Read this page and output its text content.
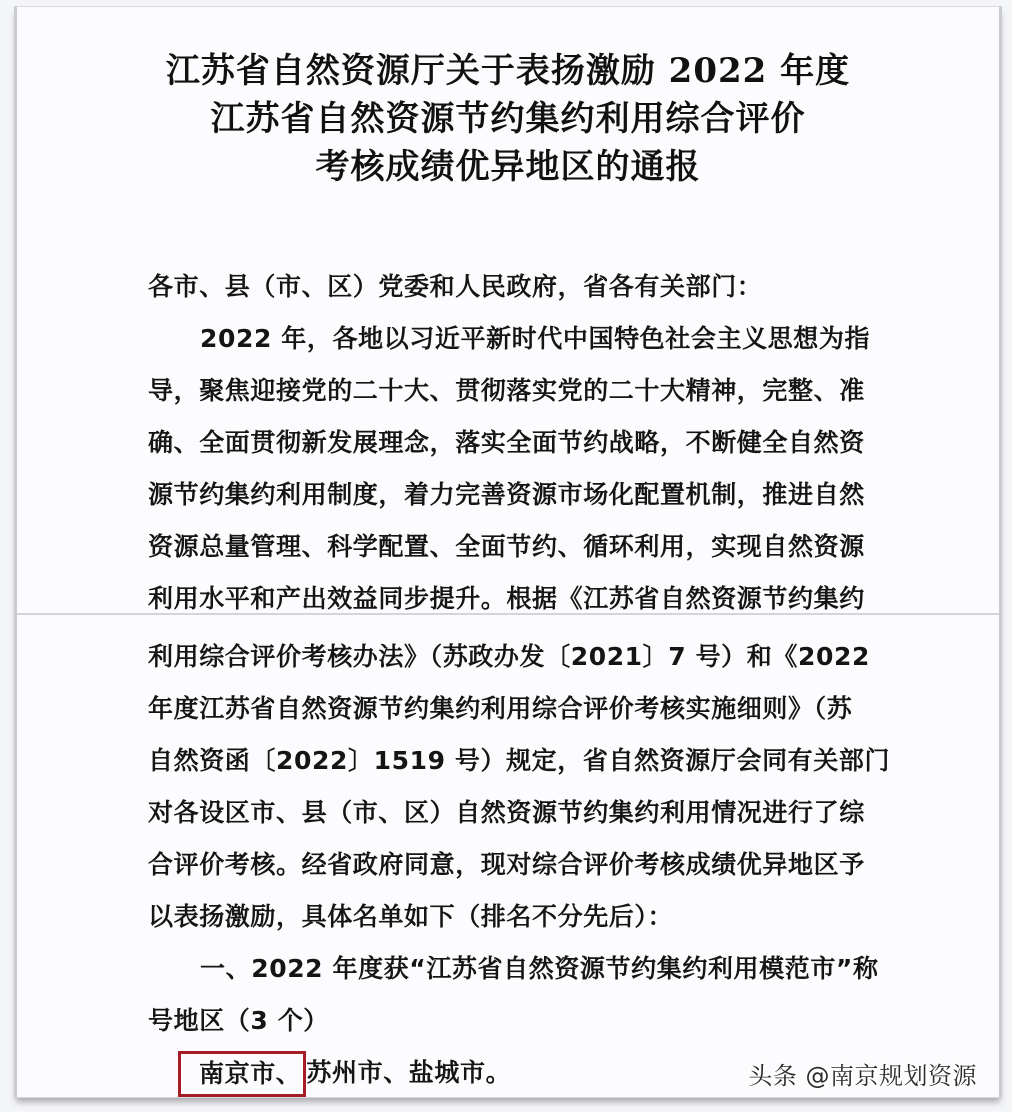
江苏省自然资源厅关于表扬激励 2022 年度
江苏省自然资源节约集约利用综合评价
考核成绩优异地区的通报
各市、县（市、区）党委和人民政府，省各有关部门：
2022 年，各地以习近平新时代中国特色社会主义思想为指
导，聚焦迎接党的二十大、贯彻落实党的二十大精神，完整、准
确、全面贯彻新发展理念，落实全面节约战略，不断健全自然资
源节约集约利用制度，着力完善资源市场化配置机制，推进自然
资源总量管理、科学配置、全面节约、循环利用，实现自然资源
利用水平和产出效益同步提升。根据《江苏省自然资源节约集约
利用综合评价考核办法》（苏政办发〔2021〕7 号）和《2022
年度江苏省自然资源节约集约利用综合评价考核实施细则》（苏
自然资函〔2022〕1519 号）规定，省自然资源厅会同有关部门
对各设区市、县（市、区）自然资源节约集约利用情况进行了综
合评价考核。经省政府同意，现对综合评价考核成绩优异地区予
以表扬激励，具体名单如下（排名不分先后）：
一、2022 年度获“江苏省自然资源节约集约利用模范市”称
号地区（3 个）
南京市、 苏州市、盐城市。	头条 @南京规划资源
